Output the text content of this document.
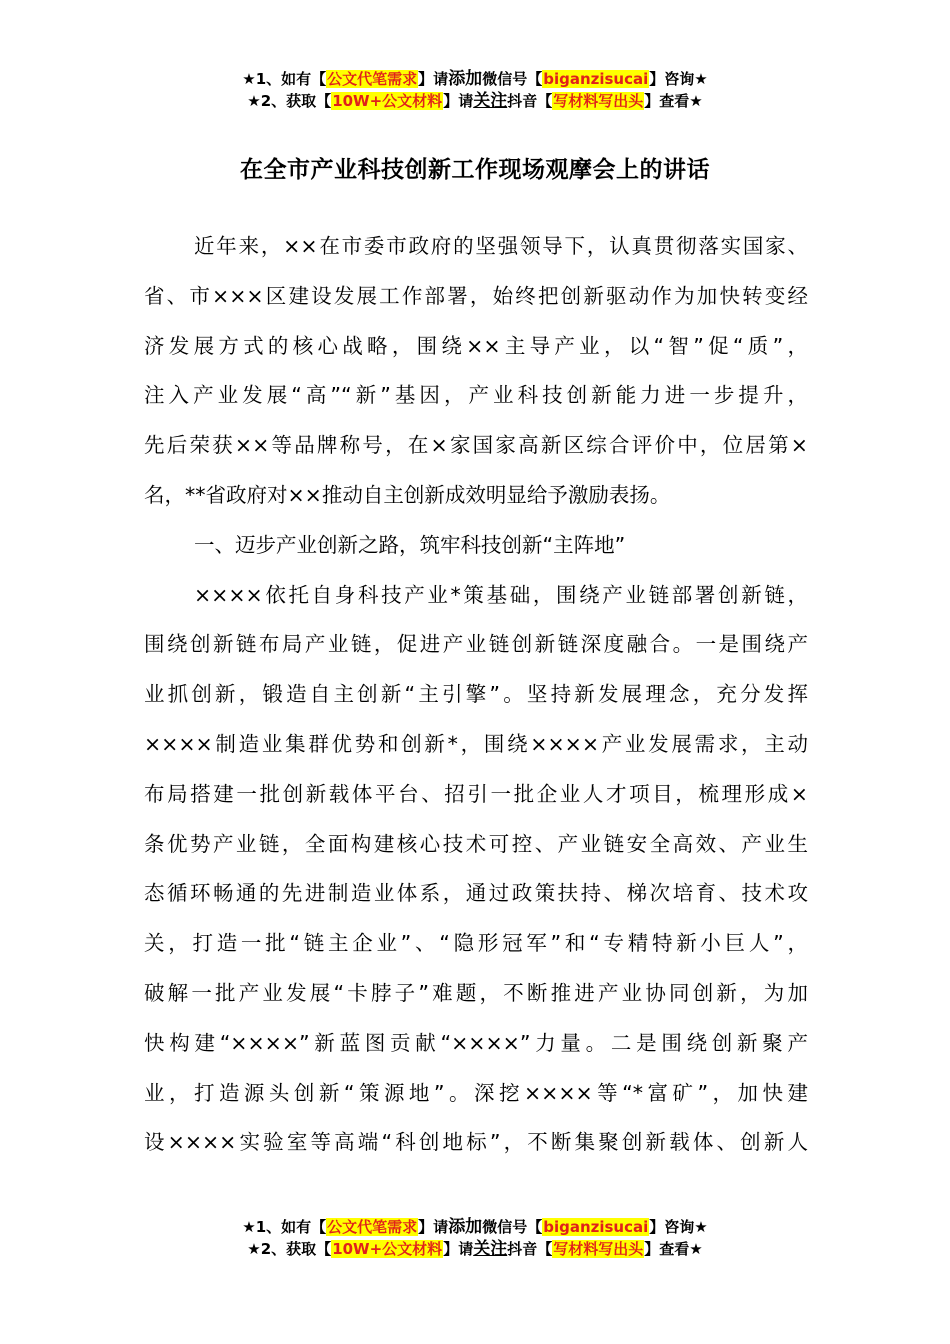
★1、如有【公文代笔需求】请添加微信号【biganzisucai】咨询★
★2、获取【10W+公文材料】请关注抖音【写材料写出头】查看★
在全市产业科技创新工作现场观摩会上的讲话
近年来，××在市委市政府的坚强领导下，认真贯彻落实国家、
省、市×××区建设发展工作部署，始终把创新驱动作为加快转变经
济发展方式的核心战略，围绕××主导产业，以“智”促“质”，
注入产业发展“高”“新”基因，产业科技创新能力进一步提升，
先后荣获××等品牌称号，在×家国家高新区综合评价中，位居第×
名，**省政府对××推动自主创新成效明显给予激励表扬。
一、迈步产业创新之路，筑牢科技创新“主阵地”
××××依托自身科技产业*策基础，围绕产业链部署创新链，
围绕创新链布局产业链，促进产业链创新链深度融合。一是围绕产
业抓创新，锻造自主创新“主引擎”。坚持新发展理念，充分发挥
××××制造业集群优势和创新*，围绕××××产业发展需求，主动
布局搭建一批创新载体平台、招引一批企业人才项目，梳理形成×
条优势产业链，全面构建核心技术可控、产业链安全高效、产业生
态循环畅通的先进制造业体系，通过政策扶持、梯次培育、技术攻
关，打造一批“链主企业”、“隐形冠军”和“专精特新小巨人”，
破解一批产业发展“卡脖子”难题，不断推进产业协同创新，为加
快构建“××××”新蓝图贡献“××××”力量。二是围绕创新聚产
业，打造源头创新“策源地”。深挖××××等“*富矿”，加快建
设××××实验室等高端“科创地标”，不断集聚创新载体、创新人
★1、如有【公文代笔需求】请添加微信号【biganzisucai】咨询★
★2、获取【10W+公文材料】请关注抖音【写材料写出头】查看★
